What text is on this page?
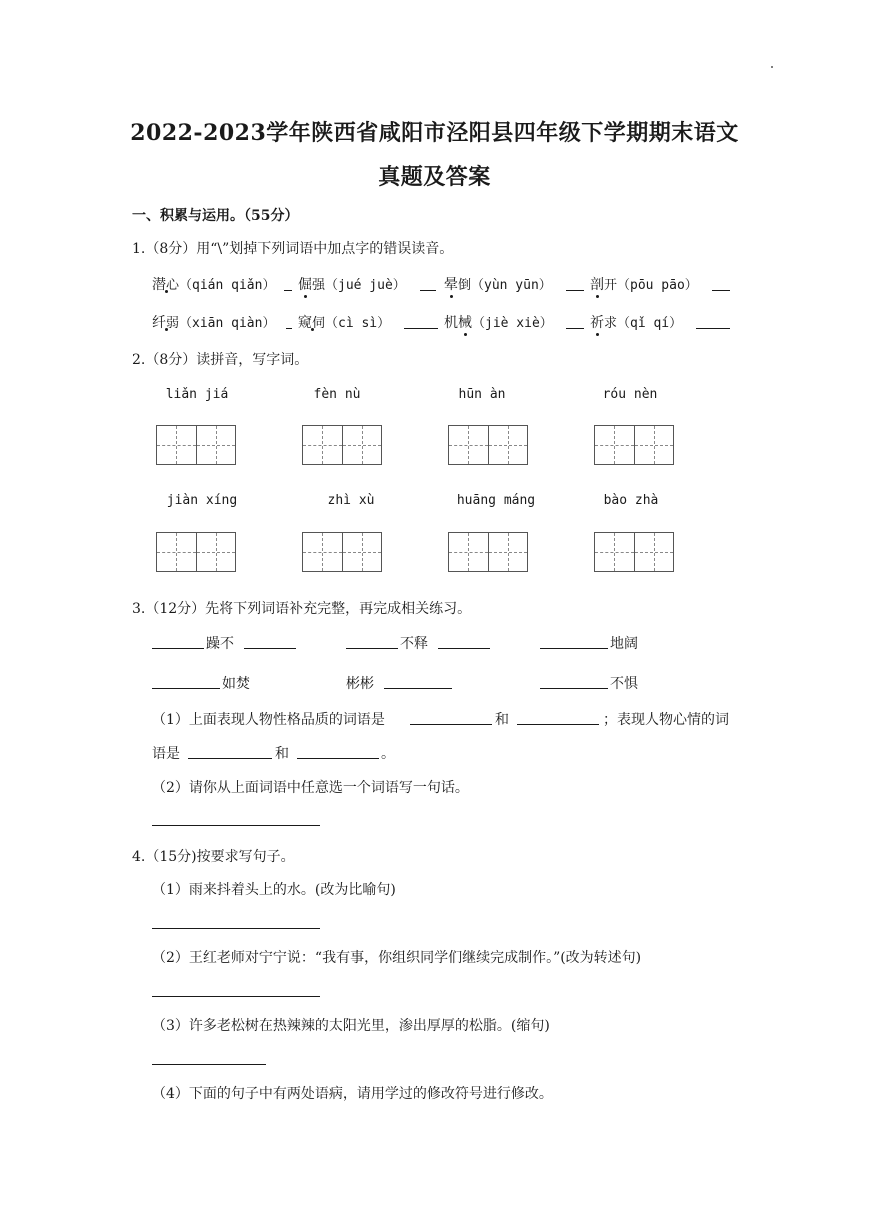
2022-2023学年陕西省咸阳市泾阳县四年级下学期期末语文
真题及答案
一、积累与运用。（55分）
1.（8分）用“\”划掉下列词语中加点字的错误读音。
潜心（qián qiǎn） 倔强（jué juè）	晕倒（yùn yūn）	剖开（pōu pāo）
纤弱（xiān qiàn） 窥伺（cì sì）	机械（jiè xiè）	祈求（qǐ qí）
2.（8分）读拼音，写字词。
liǎn jiá	fèn nù	hūn àn	róu nèn
jiàn xíng	zhì xù	huāng máng	bào zhà
3.（12分）先将下列词语补充完整，再完成相关练习。
躁不	不释	地阔
如焚	彬彬	不惧
（1）上面表现人物性格品质的词语是	和	；表现人物心情的词
语是	和	。
（2）请你从上面词语中任意选一个词语写一句话。
4.（15分)按要求写句子。
（1）雨来抖着头上的水。(改为比喻句)
（2）王红老师对宁宁说：“我有事，你组织同学们继续完成制作。”(改为转述句)
（3）许多老松树在热辣辣的太阳光里，渗出厚厚的松脂。(缩句)
（4）下面的句子中有两处语病，请用学过的修改符号进行修改。
